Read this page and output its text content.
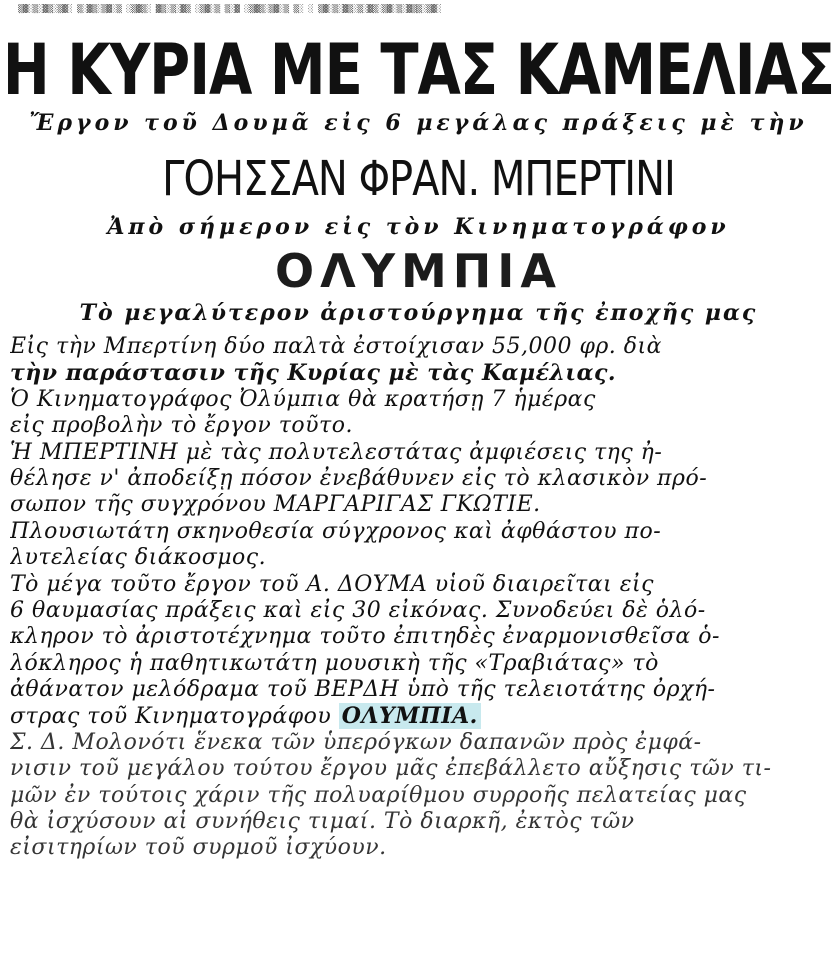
▒▓░▒░▓▒░▒▓░ ▒░▓▒░▒▓░▒ ░▒▓▒░ ▓▒░▒░▓▒ ░▒▓░▒ ▒░▓ ░▒▓▒░▒▓░▒ ▒░ ░ ▒▓░▒░▓▒░▒░▓▒░▒▓░▒░▓▒▒░▒▓░
Η ΚΥΡΙΑ ΜΕ ΤΑΣ ΚΑΜΕΛΙΑΣ
Ἔργον τοῦ Δουμᾶ εἰς 6 μεγάλας πράξεις μὲ τὴν
ΓΟΗΣΣΑΝ ΦΡΑΝ. ΜΠΕΡΤΙΝΙ
Ἀπὸ σήμερον εἰς τὸν Κινηματογράφον
ΟΛΥΜΠΙΑ
Τὸ μεγαλύτερον ἀριστούργημα τῆς ἐποχῆς μας
Εἰς τὴν Μπερτίνη δύο παλτὰ ἐστοίχισαν 55,000 φρ. διὰ
τὴν παράστασιν τῆς Κυρίας μὲ τὰς Καμέλιας.
Ὁ Κινηματογράφος Ὀλύμπια θὰ κρατήσῃ 7 ἡμέρας
εἰς προβολὴν τὸ ἔργον τοῦτο.
Ἡ ΜΠΕΡΤΙΝΗ μὲ τὰς πολυτελεστάτας ἀμφιέσεις της ἠ-
θέλησε ν' ἀποδείξῃ πόσον ἐνεβάθυνεν εἰς τὸ κλασικὸν πρό-
σωπον τῆς συγχρόνου ΜΑΡΓΑΡΙΓΑΣ ΓΚΩΤΙΕ.
Πλουσιωτάτη σκηνοθεσία σύγχρονος καὶ ἀφθάστου πο-
λυτελείας διάκοσμος.
Τὸ μέγα τοῦτο ἔργον τοῦ Α. ΔΟΥΜΑ υἱοῦ διαιρεῖται εἰς
6 θαυμασίας πράξεις καὶ εἰς 30 εἰκόνας. Συνοδεύει δὲ ὁλό-
κληρον τὸ ἀριστοτέχνημα τοῦτο ἐπιτηδὲς ἐναρμονισθεῖσα ὁ-
λόκληρος ἡ παθητικωτάτη μουσικὴ τῆς «Τραβιάτας» τὸ
ἀθάνατον μελόδραμα τοῦ ΒΕΡΔΗ ὑπὸ τῆς τελειοτάτης ὀρχή-
στρας τοῦ Κινηματογράφου ΟΛΥΜΠΙΑ.
Σ. Δ. Μολονότι ἕνεκα τῶν ὑπερόγκων δαπανῶν πρὸς ἐμφά-
νισιν τοῦ μεγάλου τούτου ἔργου μᾶς ἐπεβάλλετο αὔξησις τῶν τι-
μῶν ἐν τούτοις χάριν τῆς πολυαρίθμου συρροῆς πελατείας μας
θὰ ἰσχύσουν αἱ συνήθεις τιμαί. Τὸ διαρκῆ, ἐκτὸς τῶν
εἰσιτηρίων τοῦ συρμοῦ ἰσχύουν.
